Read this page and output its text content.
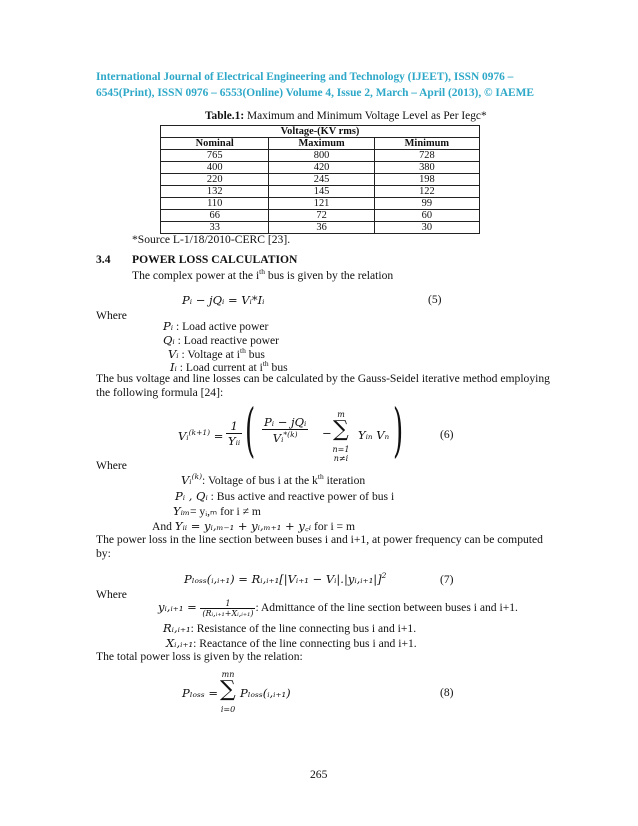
International Journal of Electrical Engineering and Technology (IJEET), ISSN 0976 –
6545(Print), ISSN 0976 – 6553(Online) Volume 4, Issue 2, March – April (2013), © IAEME
Table.1: Maximum and Minimum Voltage Level as Per Iegc*
Voltage-(KV rms)		
Nominal	Maximum	Minimum
765	800	728
400	420	380
220	245	198
132	145	122
110	121	99
66	72	60
33	36	30
*Source L-1/18/2010-CERC [23].
3.4 POWER LOSS CALCULATION
The complex power at the $i^{th}$ bus is given by the relation
Pᵢ − jQᵢ = Vᵢ*Iᵢ	(5)
Where
Pᵢ : Load active power
Qᵢ : Load reactive power
Vᵢ : Voltage at $i^{th}$ bus
Iᵢ : Load current at $i^{th}$ bus
The bus voltage and line losses can be calculated by the Gauss-Seidel iterative method employing
the following formula [24]:
Vᵢ$^{(k+1)}$ = $\frac{1}{\text{Yᵢᵢ}}$ ( $\frac{\text{Pᵢ − jQᵢ}}{Vᵢ^{*(k)}}$ −
m
∑
n=1
n≠i
Yᵢₙ Vₙ )	(6)
Where
Vᵢ$^{(k)}$: Voltage of bus i at the $k^{th}$ iteration
Pᵢ , Qᵢ : Bus active and reactive power of bus i
Yᵢₘ= yᵢ,ₘ for i ≠ m
And Yᵢᵢ = yᵢ,ₘ₋₁ + yᵢ,ₘ₊₁ + y꜀ᵢ for i = m
The power loss in the line section between buses i and i+1, at power frequency can be computed
by:
Pₗₒₛₛ(ᵢ,ᵢ₊₁) = Rᵢ,ᵢ₊₁[|Vᵢ₊₁ − Vᵢ|.|yᵢ,ᵢ₊₁|]$^2$	(7)
Where
yᵢ,ᵢ₊₁ = $\frac{1}{\text{(Rᵢ,ᵢ₊₁+Xᵢ,ᵢ₊₁)}}$ : Admittance of the line section between buses i and i+1.
Rᵢ,ᵢ₊₁: Resistance of the line connecting bus i and i+1.
Xᵢ,ᵢ₊₁: Reactance of the line connecting bus i and i+1.
The total power loss is given by the relation:
Pₗₒₛₛ =
mn
∑
i=0
Pₗₒₛₛ(ᵢ,ᵢ₊₁)	(8)
265
